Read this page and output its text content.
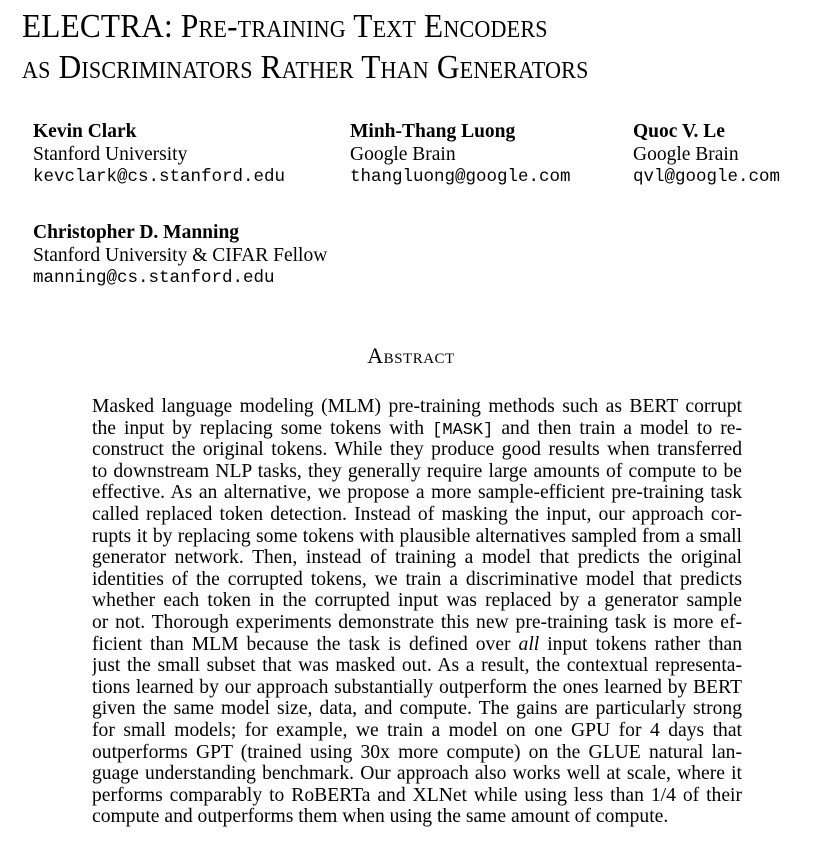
ELECTRA: Pre-training Text Encoders
as Discriminators Rather Than Generators
Kevin Clark
Stanford University
kevclark@cs.stanford.edu
Minh-Thang Luong
Google Brain
thangluong@google.com
Quoc V. Le
Google Brain
qvl@google.com
Christopher D. Manning
Stanford University & CIFAR Fellow
manning@cs.stanford.edu
Abstract
Masked language modeling (MLM) pre-training methods such as BERT corrupt
the input by replacing some tokens with [MASK] and then train a model to re-
construct the original tokens. While they produce good results when transferred
to downstream NLP tasks, they generally require large amounts of compute to be
effective. As an alternative, we propose a more sample-efficient pre-training task
called replaced token detection. Instead of masking the input, our approach cor-
rupts it by replacing some tokens with plausible alternatives sampled from a small
generator network. Then, instead of training a model that predicts the original
identities of the corrupted tokens, we train a discriminative model that predicts
whether each token in the corrupted input was replaced by a generator sample
or not. Thorough experiments demonstrate this new pre-training task is more ef-
ficient than MLM because the task is defined over all input tokens rather than
just the small subset that was masked out. As a result, the contextual representa-
tions learned by our approach substantially outperform the ones learned by BERT
given the same model size, data, and compute. The gains are particularly strong
for small models; for example, we train a model on one GPU for 4 days that
outperforms GPT (trained using 30x more compute) on the GLUE natural lan-
guage understanding benchmark. Our approach also works well at scale, where it
performs comparably to RoBERTa and XLNet while using less than 1/4 of their
compute and outperforms them when using the same amount of compute.
